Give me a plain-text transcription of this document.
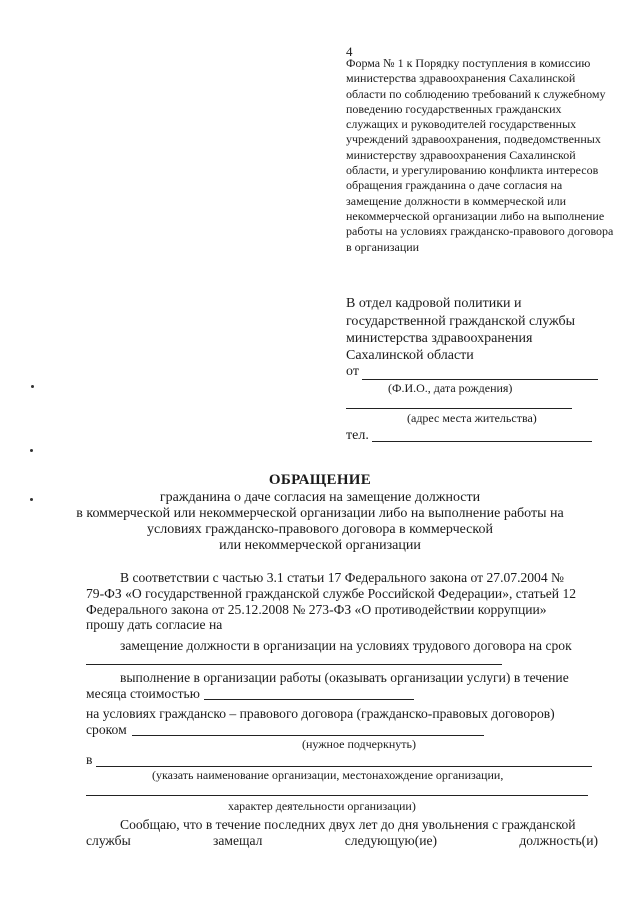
4
Форма № 1 к Порядку поступления в комиссию министерства здравоохранения Сахалинской области по соблюдению требований к служебному поведению государственных гражданских служащих и руководителей государственных учреждений здравоохранения, подведомственных министерству здравоохранения Сахалинской области, и урегулированию конфликта интересов обращения гражданина о даче согласия на замещение должности в коммерческой или некоммерческой организации либо на выполнение работы на условиях гражданско-правового договора в организации
В отдел кадровой политики и
государственной гражданской службы
министерства здравоохранения
Сахалинской области
от
(Ф.И.О., дата рождения)
(адрес места жительства)
тел.
ОБРАЩЕНИЕ
гражданина о даче согласия на замещение должности
в коммерческой или некоммерческой организации либо на выполнение работы на
условиях гражданско-правового договора в коммерческой
или некоммерческой организации
В соответствии с частью 3.1 статьи 17 Федерального закона от 27.07.2004 №
79-ФЗ «О государственной гражданской службе Российской Федерации», статьей 12
Федерального закона от 25.12.2008 № 273-ФЗ «О противодействии коррупции»
прошу дать согласие на
замещение должности в организации на условиях трудового договора на срок
выполнение в организации работы (оказывать организации услуги) в течение
месяца стоимостью
на условиях гражданско – правового договора (гражданско-правовых договоров)
сроком
(нужное подчеркнуть)
в
(указать наименование организации, местонахождение организации,
характер деятельности организации)
Сообщаю, что в течение последних двух лет до дня увольнения с гражданской
службы	замещал	следующую(ие)	должность(и)
